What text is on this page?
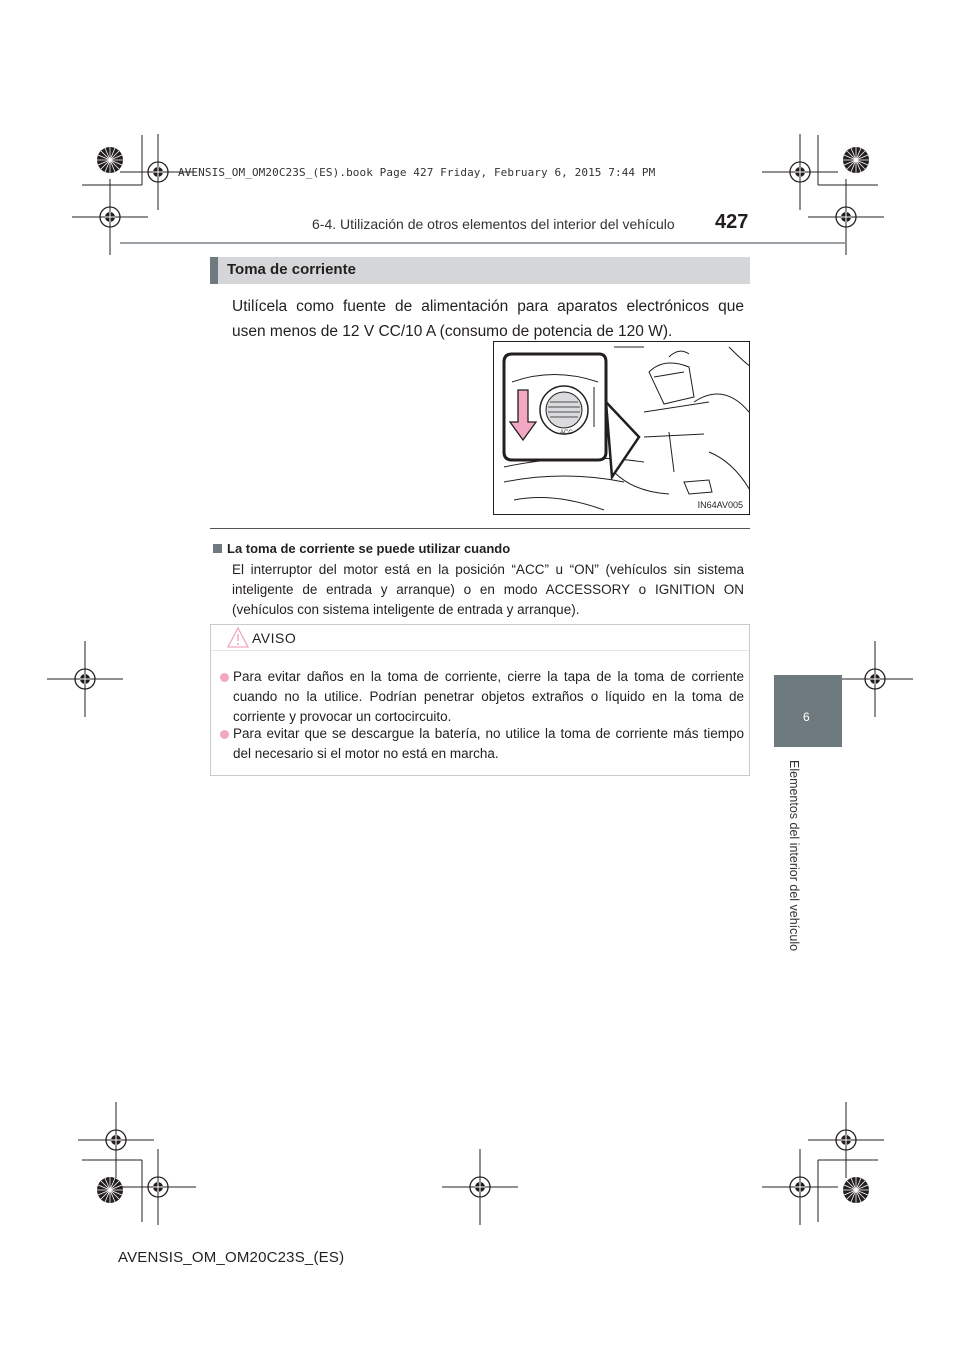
AVENSIS_OM_OM20C23S_(ES).book Page 427 Friday, February 6, 2015 7:44 PM
6-4. Utilización de otros elementos del interior del vehículo 427
Toma de corriente
Utilícela como fuente de alimentación para aparatos electrónicos que usen menos de 12 V CC/10 A (consumo de potencia de 120 W).
ACC
IN64AV005
La toma de corriente se puede utilizar cuando
El interruptor del motor está en la posición “ACC” u “ON” (vehículos sin sistema inteligente de entrada y arranque) o en modo ACCESSORY o IGNITION ON (vehículos con sistema inteligente de entrada y arranque).
AVISO
Para evitar daños en la toma de corriente, cierre la tapa de la toma de corriente cuando no la utilice. Podrían penetrar objetos extraños o líquido en la toma de corriente y provocar un cortocircuito.
Para evitar que se descargue la batería, no utilice la toma de corriente más tiempo del necesario si el motor no está en marcha.
6
Elementos del interior del vehículo
AVENSIS_OM_OM20C23S_(ES)
